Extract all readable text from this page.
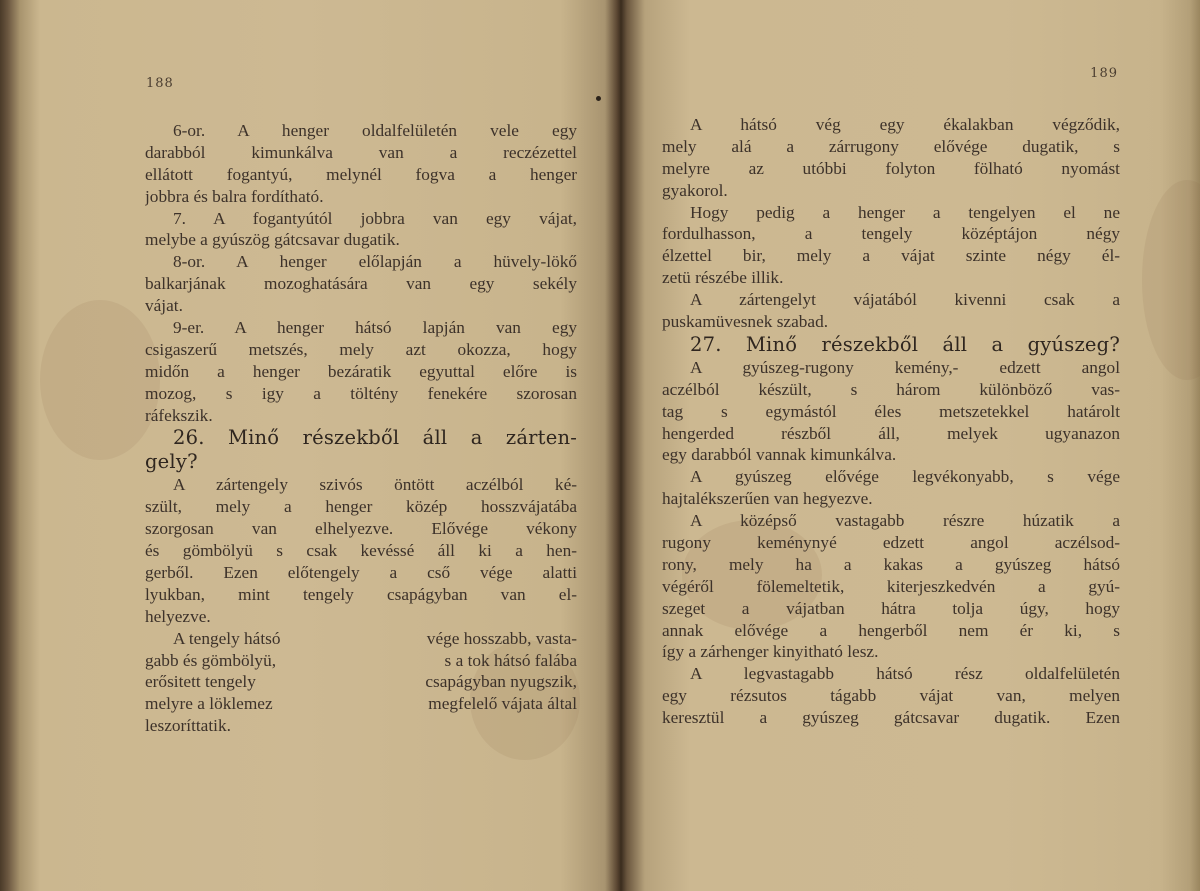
188
6-or. A henger oldalfelületén vele egy
darabból kimunkálva van a reczézettel
ellátott fogantyú, melynél fogva a henger
jobbra és balra fordítható.
7. A fogantyútól jobbra van egy vájat,
melybe a gyúszög gátcsavar dugatik.
8-or. A henger előlapján a hüvely-lökő
balkarjának mozoghatására van egy sekély
vájat.
9-er. A henger hátsó lapján van egy
csigaszerű metszés, mely azt okozza, hogy
midőn a henger bezáratik egyuttal előre is
mozog, s igy a töltény fenekére szorosan
ráfekszik.
26. Minő részekből áll a zárten-
gely?
A zártengely szivós öntött aczélból ké-
szült, mely a henger közép hosszvájatába
szorgosan van elhelyezve. Elővége vékony
és gömbölyü s csak kevéssé áll ki a hen-
gerből. Ezen előtengely a cső vége alatti
lyukban, mint tengely csapágyban van el-
helyezve.
A tengely hátsó	vége hosszabb, vasta-
gabb és gömbölyü,	s a tok hátsó falába
erősitett tengely	csapágyban nyugszik,
melyre a löklemez	megfelelő vájata által
leszoríttatik.
189
A hátsó vég egy ékalakban végződik,
mely alá a zárrugony elővége dugatik, s
melyre az utóbbi folyton fölható nyomást
gyakorol.
Hogy pedig a henger a tengelyen el ne
fordulhasson, a tengely középtájon négy
élzettel bir, mely a vájat szinte négy él-
zetü részébe illik.
A zártengelyt vájatából kivenni csak a
puskamüvesnek szabad.
27. Minő részekből áll a gyúszeg?
A gyúszeg-rugony kemény,- edzett angol
aczélból készült, s három különböző vas-
tag s egymástól éles metszetekkel határolt
hengerded részből áll, melyek ugyanazon
egy darabból vannak kimunkálva.
A gyúszeg elővége legvékonyabb, s vége
hajtalékszerűen van hegyezve.
A középső vastagabb részre húzatik a
rugony keménynyé edzett angol aczélsod-
rony, mely ha a kakas a gyúszeg hátsó
végéről fölemeltetik, kiterjeszkedvén a gyú-
szeget a vájatban hátra tolja úgy, hogy
annak elővége a hengerből nem ér ki, s
így a zárhenger kinyitható lesz.
A legvastagabb hátsó rész oldalfelületén
egy rézsutos tágabb vájat van, melyen
keresztül a gyúszeg gátcsavar dugatik. Ezen
